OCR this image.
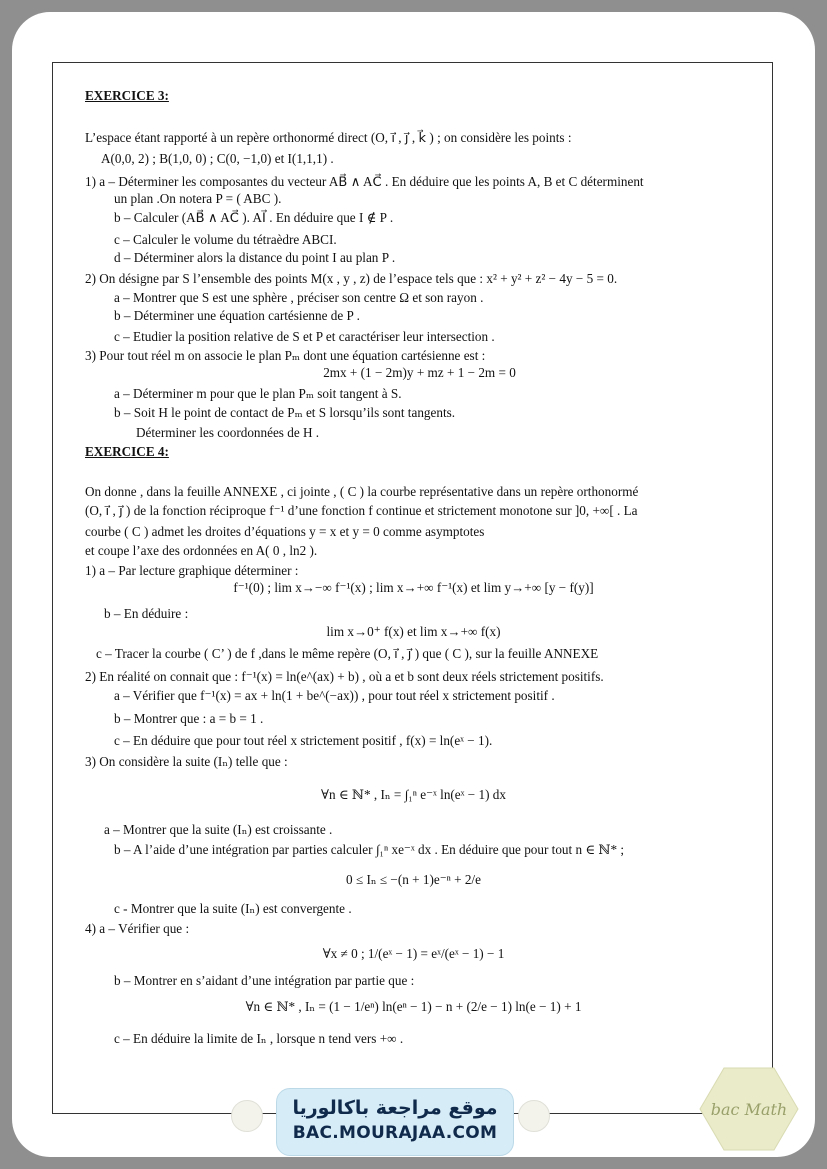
EXERCICE 3:
L’espace étant rapporté à un repère orthonormé direct (O, i⃗ , j⃗ , k⃗ ) ; on considère les points :
A(0,0, 2) ; B(1,0, 0) ; C(0, −1,0) et I(1,1,1) .
1) a – Déterminer les composantes du vecteur AB⃗ ∧ AC⃗ . En déduire que les points A, B et C déterminent
un plan .On notera P = ( ABC ).
b – Calculer (AB⃗ ∧ AC⃗ ). AI⃗ . En déduire que I ∉ P .
c – Calculer le volume du tétraèdre ABCI.
d – Déterminer alors la distance du point I au plan P .
2) On désigne par S l’ensemble des points M(x , y , z) de l’espace tels que : x² + y² + z² − 4y − 5 = 0.
a – Montrer que S est une sphère , préciser son centre Ω et son rayon .
b – Déterminer une équation cartésienne de P .
c – Etudier la position relative de S et P et caractériser leur intersection .
3) Pour tout réel m on associe le plan Pₘ dont une équation cartésienne est :
2mx + (1 − 2m)y + mz + 1 − 2m = 0
a – Déterminer m pour que le plan Pₘ soit tangent à S.
b – Soit H le point de contact de Pₘ et S lorsqu’ils sont tangents.
Déterminer les coordonnées de H .
EXERCICE 4:
On donne , dans la feuille ANNEXE , ci jointe , ( C ) la courbe représentative dans un repère orthonormé
(O, i⃗ , j⃗ ) de la fonction réciproque f⁻¹ d’une fonction f continue et strictement monotone sur ]0, +∞[ . La
courbe ( C ) admet les droites d’équations y = x et y = 0 comme asymptotes
et coupe l’axe des ordonnées en A( 0 , ln2 ).
1) a – Par lecture graphique déterminer :
f⁻¹(0) ; lim x→−∞ f⁻¹(x) ; lim x→+∞ f⁻¹(x) et lim y→+∞ [y − f(y)]
b – En déduire :
lim x→0⁺ f(x) et lim x→+∞ f(x)
c – Tracer la courbe ( C’ ) de f ,dans le même repère (O, i⃗ , j⃗ ) que ( C ), sur la feuille ANNEXE
2) En réalité on connait que : f⁻¹(x) = ln(e^(ax) + b) , où a et b sont deux réels strictement positifs.
a – Vérifier que f⁻¹(x) = ax + ln(1 + be^(−ax)) , pour tout réel x strictement positif .
b – Montrer que : a = b = 1 .
c – En déduire que pour tout réel x strictement positif , f(x) = ln(eˣ − 1).
3) On considère la suite (Iₙ) telle que :
∀n ∈ ℕ* , Iₙ = ∫₁ⁿ e⁻ˣ ln(eˣ − 1) dx
a – Montrer que la suite (Iₙ) est croissante .
b – A l’aide d’une intégration par parties calculer ∫₁ⁿ xe⁻ˣ dx . En déduire que pour tout n ∈ ℕ* ;
0 ≤ Iₙ ≤ −(n + 1)e⁻ⁿ + 2/e
c - Montrer que la suite (Iₙ) est convergente .
4) a – Vérifier que :
∀x ≠ 0 ; 1/(eˣ − 1) = eˣ/(eˣ − 1) − 1
b – Montrer en s’aidant d’une intégration par partie que :
∀n ∈ ℕ* , Iₙ = (1 − 1/eⁿ) ln(eⁿ − 1) − n + (2/e − 1) ln(e − 1) + 1
c – En déduire la limite de Iₙ , lorsque n tend vers +∞ .
موقع مراجعة باكالوريا
BAC.MOURAJAA.COM
bac Math
